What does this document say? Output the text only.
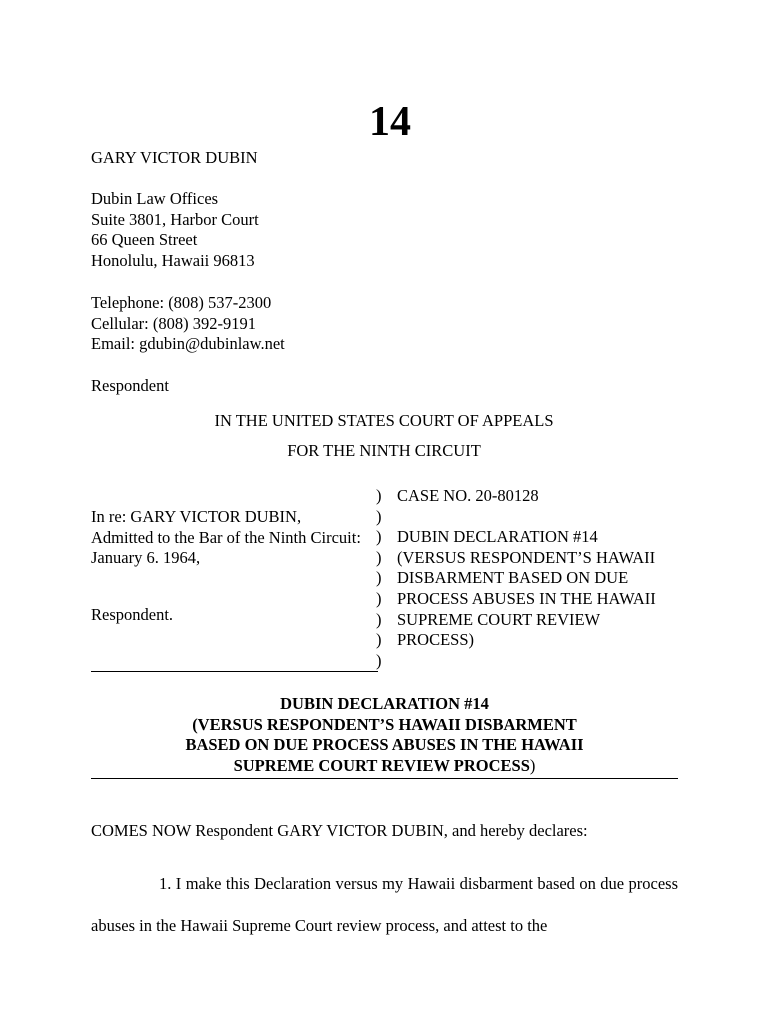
14
GARY VICTOR DUBIN
Dubin Law Offices
Suite 3801, Harbor Court
66 Queen Street
Honolulu, Hawaii 96813
Telephone: (808) 537-2300
Cellular: (808) 392-9191
Email: gdubin@dubinlaw.net
Respondent
IN THE UNITED STATES COURT OF APPEALS
FOR THE NINTH CIRCUIT
In re: GARY VICTOR DUBIN,
Admitted to the Bar of the Ninth Circuit:
January 6. 1964,
Respondent.
)
)
)
)
)
)
)
)
)
CASE NO. 20-80128
DUBIN DECLARATION #14
(VERSUS RESPONDENT’S HAWAII
DISBARMENT BASED ON DUE
PROCESS ABUSES IN THE HAWAII
SUPREME COURT REVIEW
PROCESS)
DUBIN DECLARATION #14
(VERSUS RESPONDENT’S HAWAII DISBARMENT
BASED ON DUE PROCESS ABUSES IN THE HAWAII
SUPREME COURT REVIEW PROCESS)
COMES NOW Respondent GARY VICTOR DUBIN, and hereby declares:
1. I make this Declaration versus my Hawaii disbarment based on due process abuses in the Hawaii Supreme Court review process, and attest to the
